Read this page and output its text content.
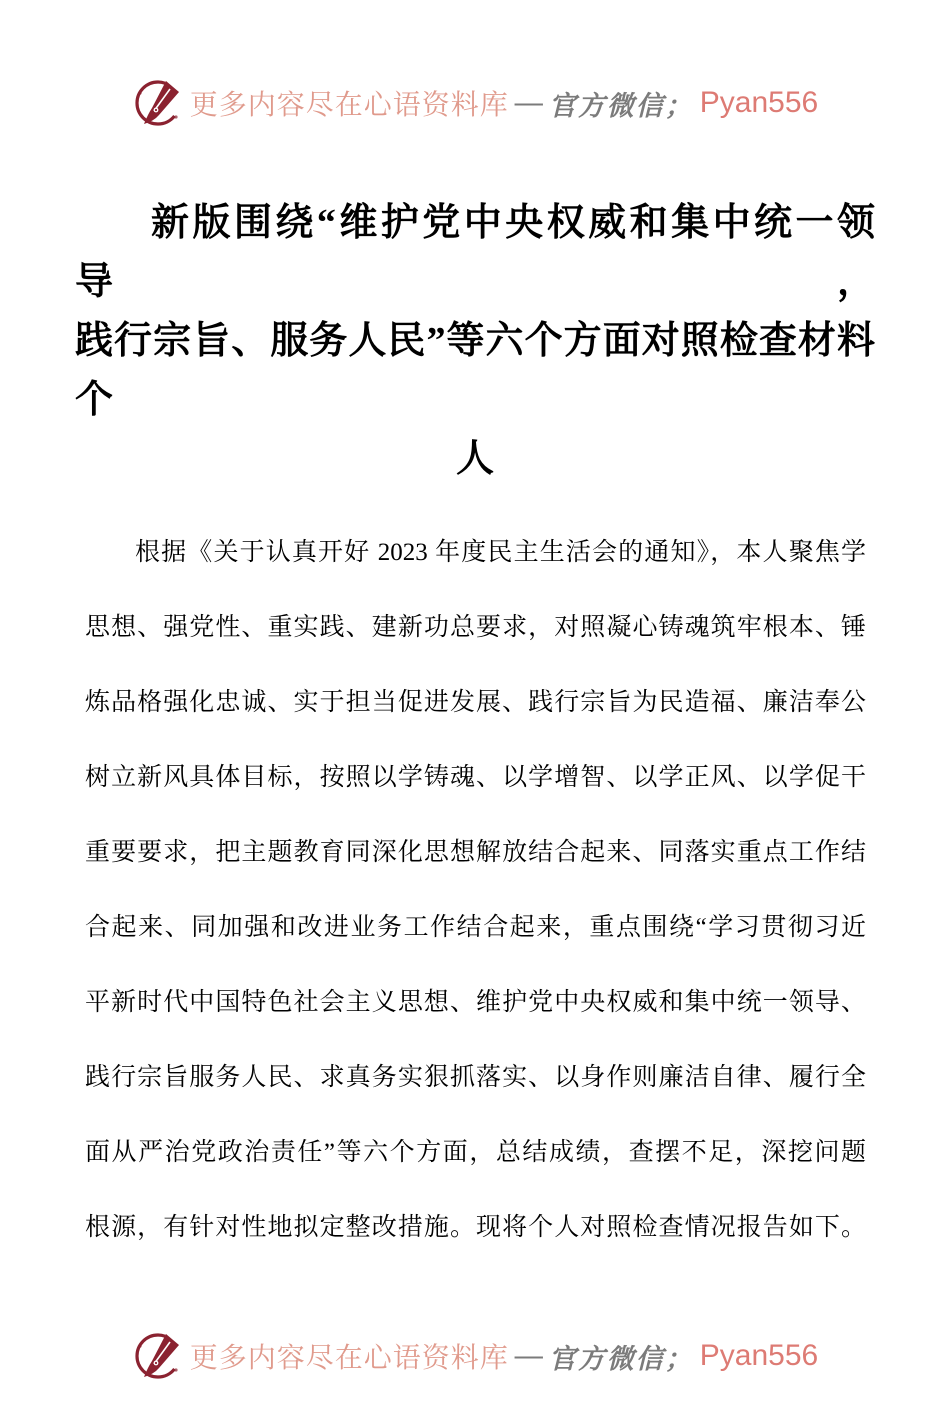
更多内容尽在心语资料库 — 官方微信； Pyan556
新版围绕“维护党中央权威和集中统一领导，
践行宗旨、服务人民”等六个方面对照检查材料个
人
根据《关于认真开好 2023 年度民主生活会的通知》，本人聚焦学
思想、强党性、重实践、建新功总要求，对照凝心铸魂筑牢根本、锤
炼品格强化忠诚、实于担当促进发展、践行宗旨为民造福、廉洁奉公
树立新风具体目标，按照以学铸魂、以学增智、以学正风、以学促干
重要要求，把主题教育同深化思想解放结合起来、同落实重点工作结
合起来、同加强和改进业务工作结合起来，重点围绕“学习贯彻习近
平新时代中国特色社会主义思想、维护党中央权威和集中统一领导、
践行宗旨服务人民、求真务实狠抓落实、以身作则廉洁自律、履行全
面从严治党政治责任”等六个方面，总结成绩，查摆不足，深挖问题
根源，有针对性地拟定整改措施。现将个人对照检查情况报告如下。
更多内容尽在心语资料库 — 官方微信； Pyan556
